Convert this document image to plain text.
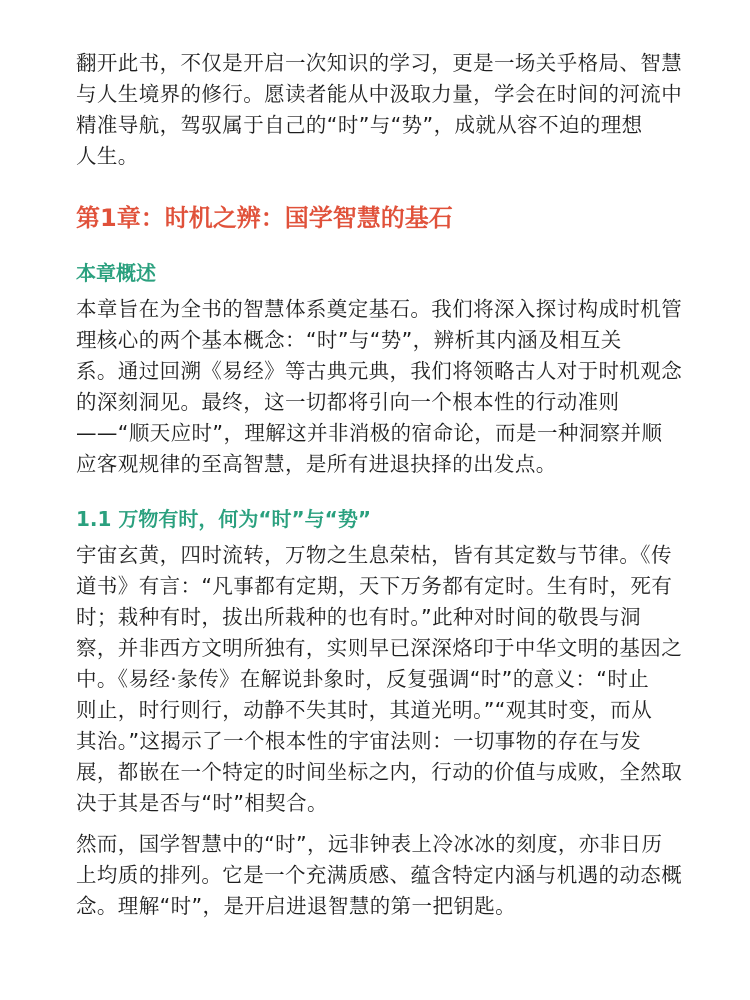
翻开此书，不仅是开启一次知识的学习，更是一场关乎格局、智慧
与人生境界的修行。愿读者能从中汲取力量，学会在时间的河流中
精准导航，驾驭属于自己的“时”与“势”，成就从容不迫的理想
人生。

第1章：时机之辨：国学智慧的基石
本章概述

本章旨在为全书的智慧体系奠定基石。我们将深入探讨构成时机管
理核心的两个基本概念：“时”与“势”，辨析其内涵及相互关
系。通过回溯《易经》等古典元典，我们将领略古人对于时机观念
的深刻洞见。最终，这一切都将引向一个根本性的行动准则
——“顺天应时”，理解这并非消极的宿命论，而是一种洞察并顺
应客观规律的至高智慧，是所有进退抉择的出发点。

1.1 万物有时，何为“时”与“势”

宇宙玄黄，四时流转，万物之生息荣枯，皆有其定数与节律。《传
道书》有言：“凡事都有定期，天下万务都有定时。生有时，死有
时；栽种有时，拔出所栽种的也有时。”此种对时间的敬畏与洞
察，并非西方文明所独有，实则早已深深烙印于中华文明的基因之
中。《易经·彖传》在解说卦象时，反复强调“时”的意义：“时止
则止，时行则行，动静不失其时，其道光明。”“观其时变，而从
其治。”这揭示了一个根本性的宇宙法则：一切事物的存在与发
展，都嵌在一个特定的时间坐标之内，行动的价值与成败，全然取
决于其是否与“时”相契合。

然而，国学智慧中的“时”，远非钟表上冷冰冰的刻度，亦非日历
上均质的排列。它是一个充满质感、蕴含特定内涵与机遇的动态概
念。理解“时”，是开启进退智慧的第一把钥匙。
